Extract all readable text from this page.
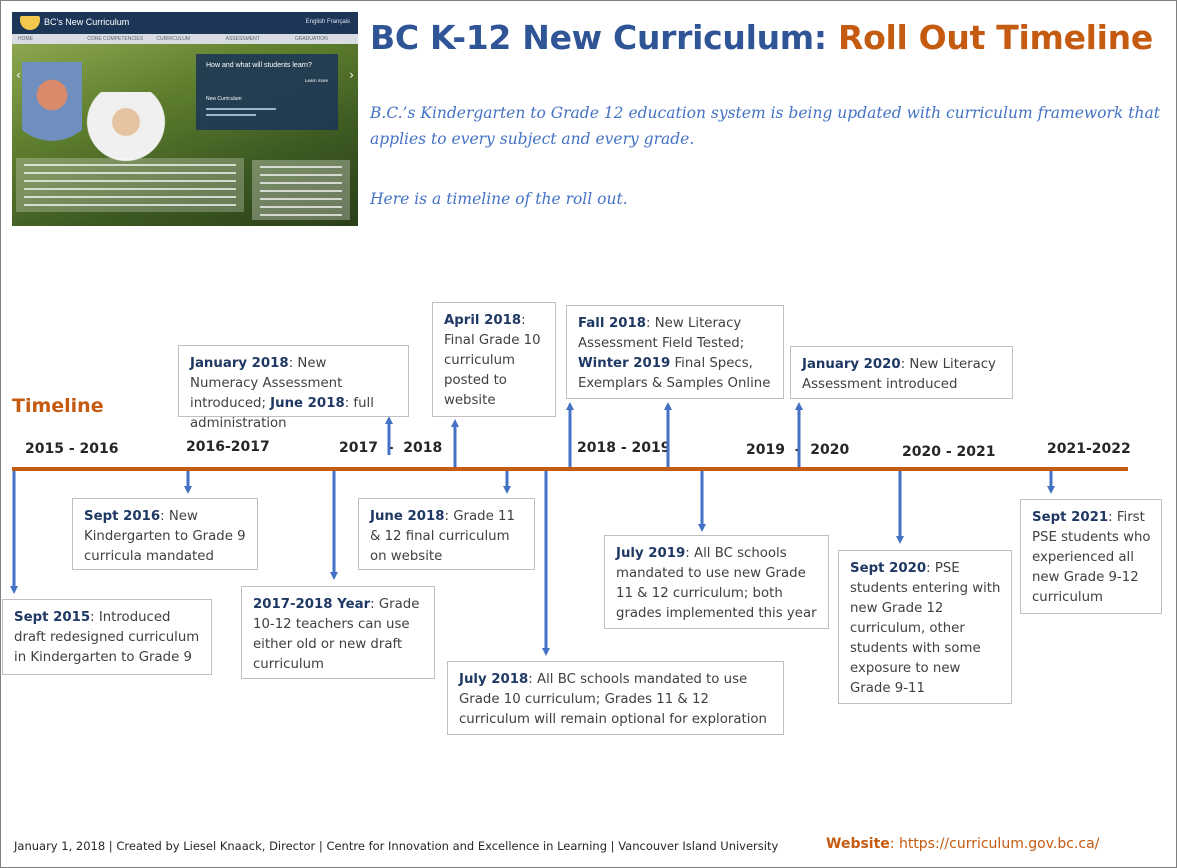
BC's New Curriculum	English Français
HOME	CORE COMPETENCIES	CURRICULUM	ASSESSMENT	GRADUATION
‹	›
How and what will students learn?
Learn more
New Curriculum
BC K-12 New Curriculum: Roll Out Timeline
B.C.’s Kindergarten to Grade 12 education system is being updated with curriculum framework that applies to every subject and every grade.
Here is a timeline of the roll out.
Timeline
2015 - 2016	2016-2017	2017  -  2018	2018 - 2019	2019  -  2020	2020 - 2021	2021-2022
January 2018: New Numeracy Assessment introduced; June 2018: full administration
April 2018: Final Grade 10 curriculum posted to website
Fall 2018: New Literacy Assessment Field Tested; Winter 2019 Final Specs, Exemplars & Samples Online
January 2020: New Literacy Assessment introduced
Sept 2016: New Kindergarten to Grade 9 curricula mandated
June 2018: Grade 11 & 12 final curriculum on website	July 2019: All BC schools mandated to use new Grade 11 & 12 curriculum; both grades implemented this year
Sept 2021: First PSE students who experienced all new Grade 9-12 curriculum
Sept 2015: Introduced draft redesigned curriculum in Kindergarten to Grade 9
2017-2018 Year: Grade 10-12 teachers can use either old or new draft curriculum
July 2018: All BC schools mandated to use Grade 10 curriculum; Grades 11 & 12 curriculum will remain optional for exploration
Sept 2020: PSE students entering with new Grade 12 curriculum, other students with some exposure to new Grade 9-11
January 1, 2018 | Created by Liesel Knaack, Director | Centre for Innovation and Excellence in Learning | Vancouver Island University	Website: https://curriculum.gov.bc.ca/
